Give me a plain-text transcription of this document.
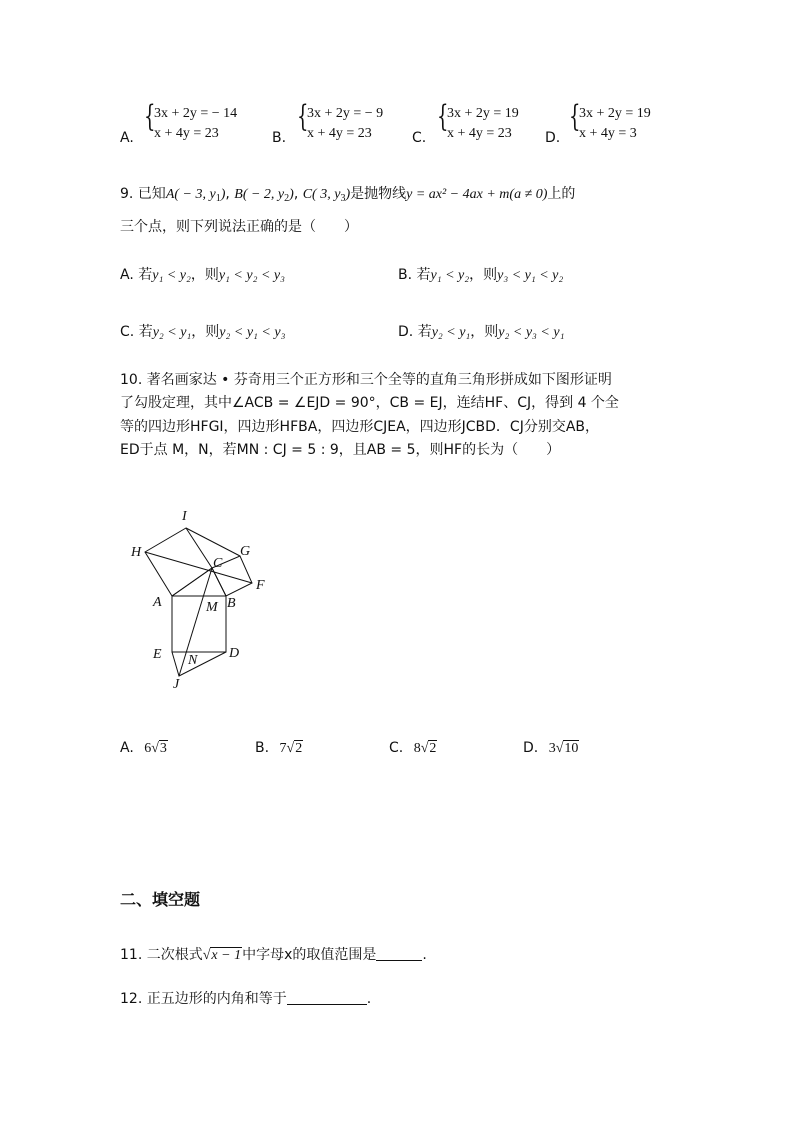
A.
{
3x + 2y = − 14
x + 4y = 23	B.
{
3x + 2y = − 9
x + 4y = 23	C.
{
3x + 2y = 19
x + 4y = 23	D.
{
3x + 2y = 19
x + 4y = 3
9. 已知A( − 3, $y_1$), B( − 2, $y_2$), C( 3, $y_3$)是抛物线y = ax² − 4ax + m(a ≠ 0)上的
三个点，则下列说法正确的是（　　）
A. 若y₁ < y₂，则y₁ < y₂ < y₃	B. 若y₁ < y₂，则y₃ < y₁ < y₂
C. 若y₂ < y₁，则y₂ < y₁ < y₃	D. 若y₂ < y₁，则y₂ < y₃ < y₁
10. 著名画家达 • 芬奇用三个正方形和三个全等的直角三角形拼成如下图形证明
了勾股定理，其中∠ACB = ∠EJD = 90°，CB = EJ，连结HF、CJ，得到 4 个全
等的四边形HFGI，四边形HFBA，四边形CJEA，四边形JCBD．CJ分别交AB，
ED于点 M，N，若MN : CJ = 5 : 9，且AB = 5，则HF的长为（　　）
I
H	G
C
F
A	M B
E N D
J
A. 6√3	B. 7√2	C. 8√2	D. 3√10
二、填空题
11. 二次根式√x − 1中字母x的取值范围是	.
12. 正五边形的内角和等于	.
